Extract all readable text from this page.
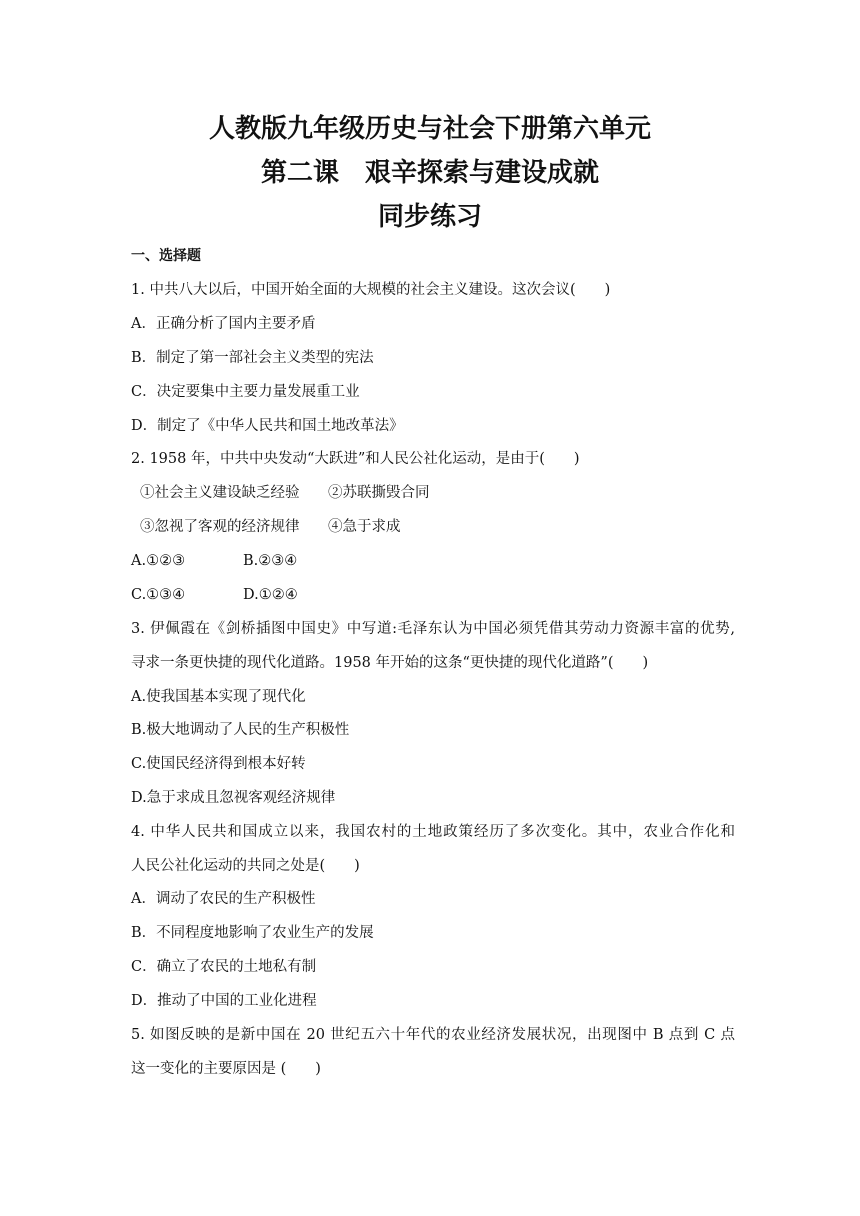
人教版九年级历史与社会下册第六单元
第二课　艰辛探索与建设成就
同步练习
一、选择题
1. 中共八大以后，中国开始全面的大规模的社会主义建设。这次会议(　　)
A．正确分析了国内主要矛盾
B．制定了第一部社会主义类型的宪法
C．决定要集中主要力量发展重工业
D．制定了《中华人民共和国土地改革法》
2. 1958 年，中共中央发动“大跃进”和人民公社化运动，是由于(　　)
①社会主义建设缺乏经验 ②苏联撕毁合同
③忽视了客观的经济规律 ④急于求成
A.①②③	B.②③④
C.①③④	D.①②④
3. 伊佩霞在《剑桥插图中国史》中写道:毛泽东认为中国必须凭借其劳动力资源丰富的优势,
寻求一条更快捷的现代化道路。1958 年开始的这条“更快捷的现代化道路”(　　)
A.使我国基本实现了现代化
B.极大地调动了人民的生产积极性
C.使国民经济得到根本好转
D.急于求成且忽视客观经济规律
4. 中华人民共和国成立以来，我国农村的土地政策经历了多次变化。其中，农业合作化和
人民公社化运动的共同之处是(　　)
A．调动了农民的生产积极性
B．不同程度地影响了农业生产的发展
C．确立了农民的土地私有制
D．推动了中国的工业化进程
5. 如图反映的是新中国在 20 世纪五六十年代的农业经济发展状况，出现图中 B 点到 C 点
这一变化的主要原因是 (　　)
